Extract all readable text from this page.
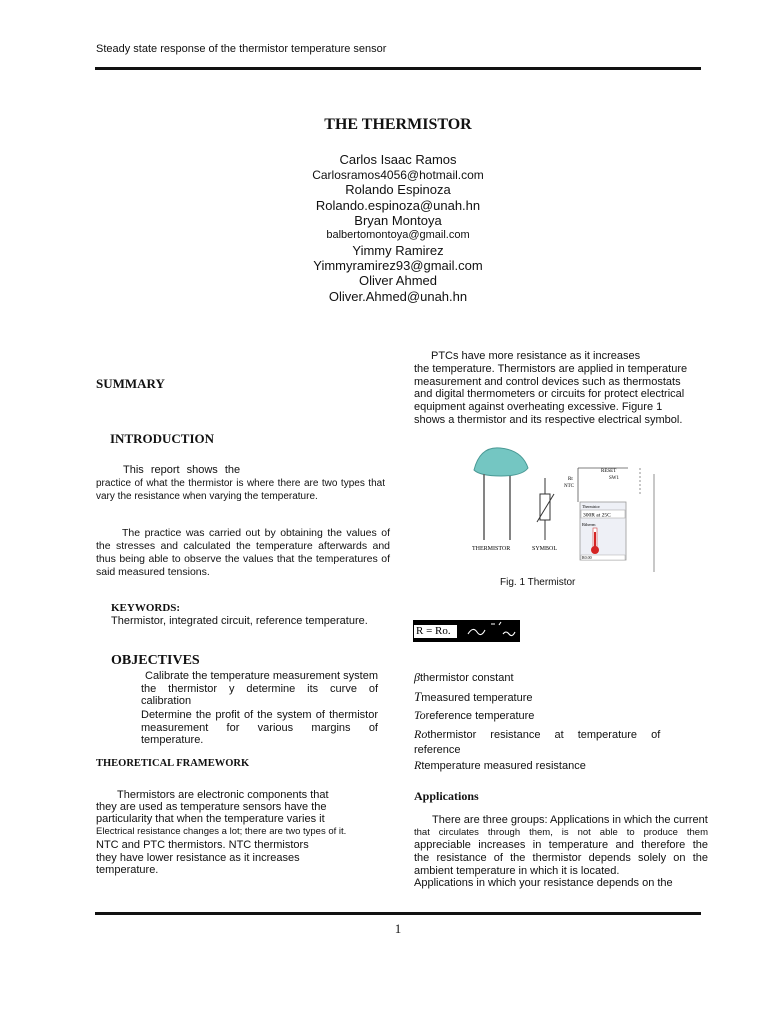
Steady state response of the thermistor temperature sensor
THE THERMISTOR
Carlos Isaac Ramos
Carlosramos4056@hotmail.com
Rolando Espinoza
Rolando.espinoza@unah.hn
Bryan Montoya
balbertomontoya@gmail.com
Yimmy Ramirez
Yimmyramirez93@gmail.com
Oliver Ahmed
Oliver.Ahmed@unah.hn
SUMMARY
INTRODUCTION
This report shows the
practice of what the thermistor is where there are two types that vary the resistance when varying the temperature.
The practice was carried out by obtaining the values of the stresses and calculated the temperature afterwards and thus being able to observe the values that the temperatures of said measured tensions.
KEYWORDS:
Thermistor, integrated circuit, reference temperature.
OBJECTIVES
Calibrate the temperature measurement system the thermistor y determine its curve of calibration
Determine the profit of the system of thermistor measurement for various margins of temperature.
THEORETICAL FRAMEWORK
Thermistors are electronic components that
they are used as temperature sensors have the
particularity that when the temperature varies it
Electrical resistance changes a lot; there are two types of it.
NTC and PTC thermistors. NTC thermistors
they have lower resistance as it increases
temperature.
PTCs have more resistance as it increases
the temperature. Thermistors are applied in temperature measurement and control devices such as thermostats and digital thermometers or circuits for protect electrical equipment against overheating excessive. Figure 1 shows a thermistor and its respective electrical symbol.
THERMISTOR	SYMBOL
Rt
NTC
RESET
SW1
Thermistor
300R at 25C
Rtherm
R0.00
Fig. 1 Thermistor
R = Ro.
βthermistor constant
Tmeasured temperature
Toreference temperature
Rothermistor resistance at temperature of
reference
Rtemperature measured resistance
Applications
There are three groups: Applications in which the current
that circulates through them, is not able to produce them
appreciable increases in temperature and therefore the
the resistance of the thermistor depends solely on the
ambient temperature in which it is located.
Applications in which your resistance depends on the
1
